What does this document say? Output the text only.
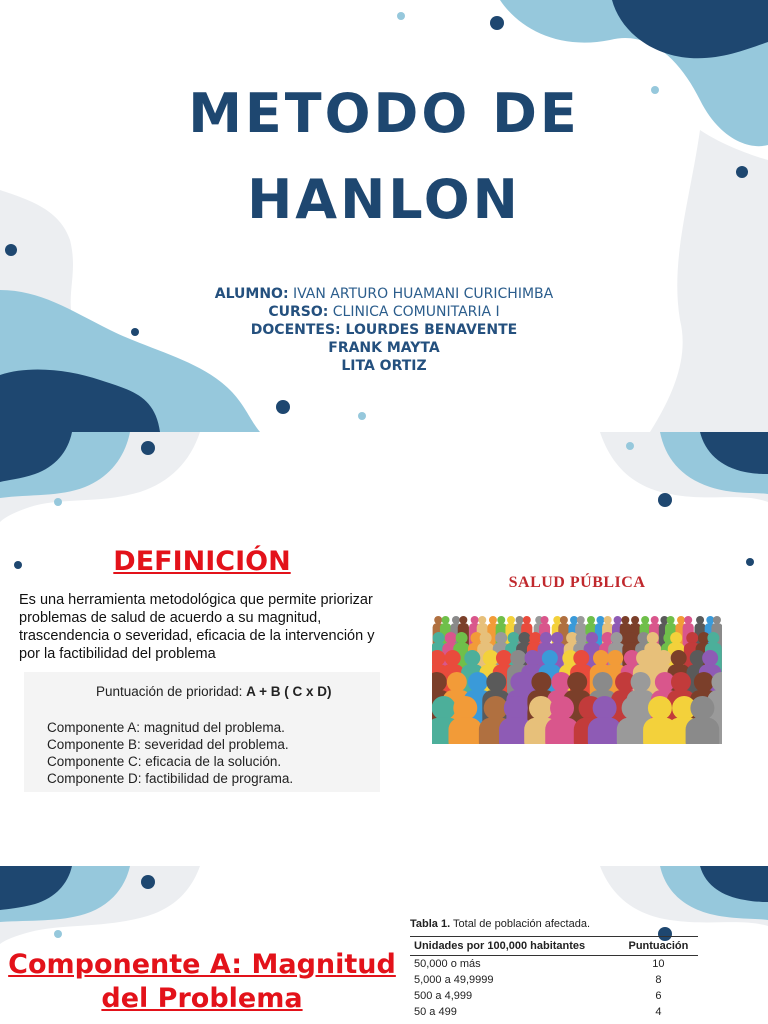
METODO DE
HANLON
ALUMNO: IVAN ARTURO HUAMANI CURICHIMBA
CURSO: CLINICA COMUNITARIA I
DOCENTES: LOURDES BENAVENTE
FRANK MAYTA
LITA ORTIZ
DEFINICIÓN
Es una herramienta metodológica que permite priorizar problemas de salud de acuerdo a su magnitud, trascendencia o severidad, eficacia de la intervención y por la factibilidad del problema
Puntuación de prioridad: A + B ( C x D)
Componente A: magnitud del problema.
Componente B: severidad del problema.
Componente C: eficacia de la solución.
Componente D: factibilidad de programa.
SALUD PÚBLICA
Componente A: Magnitud
del Problema
Tabla 1. Total de población afectada.
Unidades por 100,000 habitantes	Puntuación
50,000 o más	10
5,000 a 49,9999	8
500 a 4,999	6
50 a 499	4
